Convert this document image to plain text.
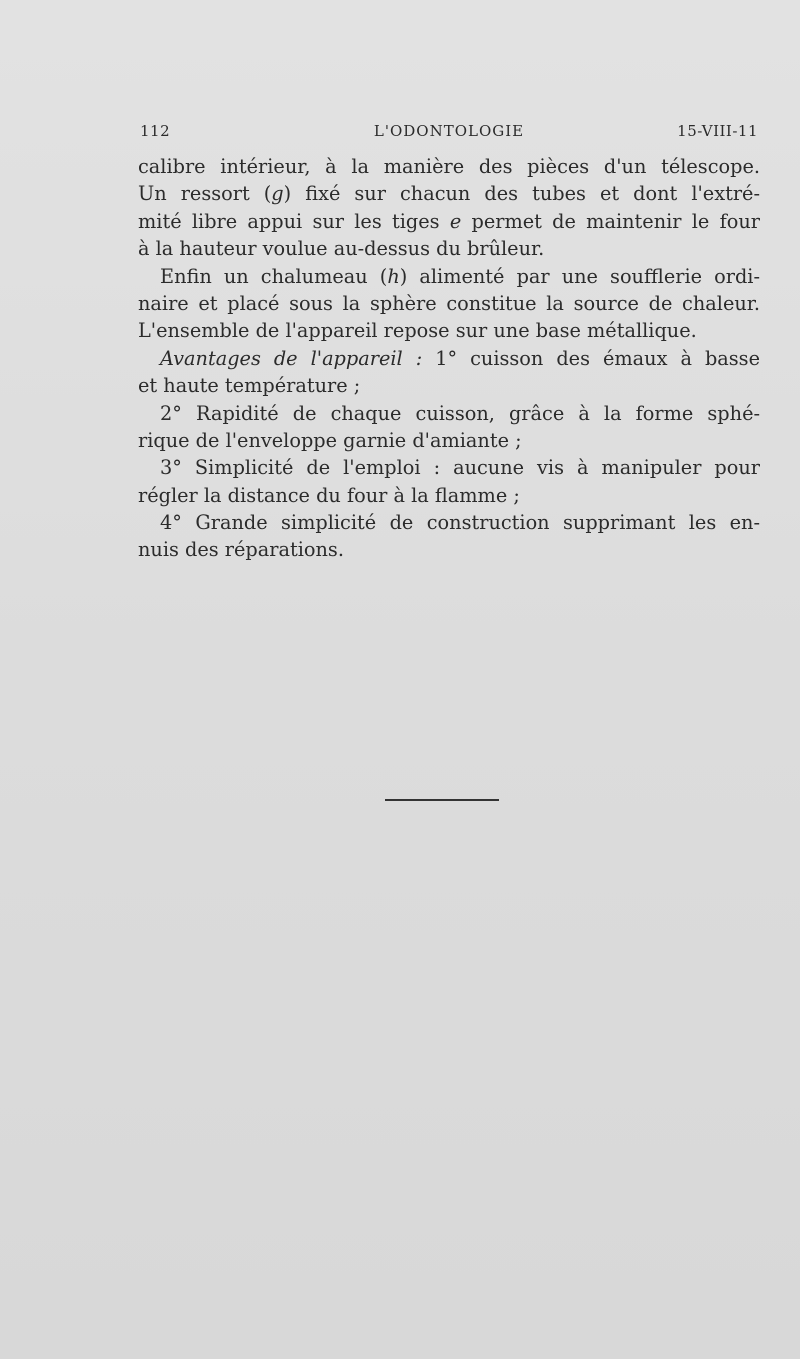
112	L'ODONTOLOGIE	15-VIII-11
calibre intérieur, à la manière des pièces d'un télescope.
Un ressort (g) fixé sur chacun des tubes et dont l'extré-
mité libre appui sur les tiges e permet de maintenir le four
à la hauteur voulue au-dessus du brûleur.
Enfin un chalumeau (h) alimenté par une soufflerie ordi-
naire et placé sous la sphère constitue la source de chaleur.
L'ensemble de l'appareil repose sur une base métallique.
Avantages de l'appareil : 1° cuisson des émaux à basse
et haute température ;
2° Rapidité de chaque cuisson, grâce à la forme sphé-
rique de l'enveloppe garnie d'amiante ;
3° Simplicité de l'emploi : aucune vis à manipuler pour
régler la distance du four à la flamme ;
4° Grande simplicité de construction supprimant les en-
nuis des réparations.
